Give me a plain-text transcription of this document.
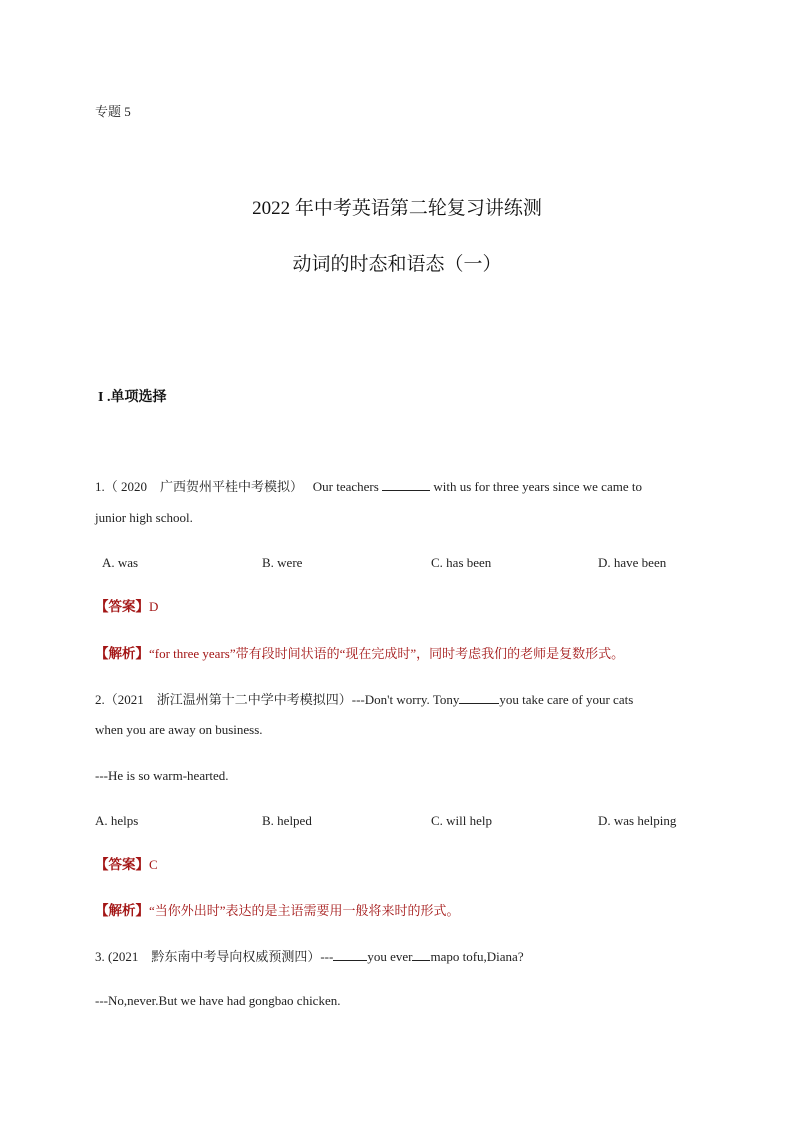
专题 5
2022 年中考英语第二轮复习讲练测
动词的时态和语态（一）
I .单项选择
1.（ 2020　广西贺州平桂中考模拟） Our teachers	with us for three years since we came to
junior high school.
A. was	B. were	C. has been	D. have been
【答案】D
【解析】“for three years”带有段时间状语的“现在完成时”，同时考虑我们的老师是复数形式。
2.（2021　浙江温州第十二中学中考模拟四）---Don't worry. Tony	you take care of your cats
when you are away on business.
---He is so warm-hearted.
A. helps	B. helped	C. will help	D. was helping
【答案】C
【解析】“当你外出时”表达的是主语需要用一般将来时的形式。
3. (2021　黔东南中考导向权威预测四）---	you ever mapo tofu,Diana?
---No,never.But we have had gongbao chicken.
